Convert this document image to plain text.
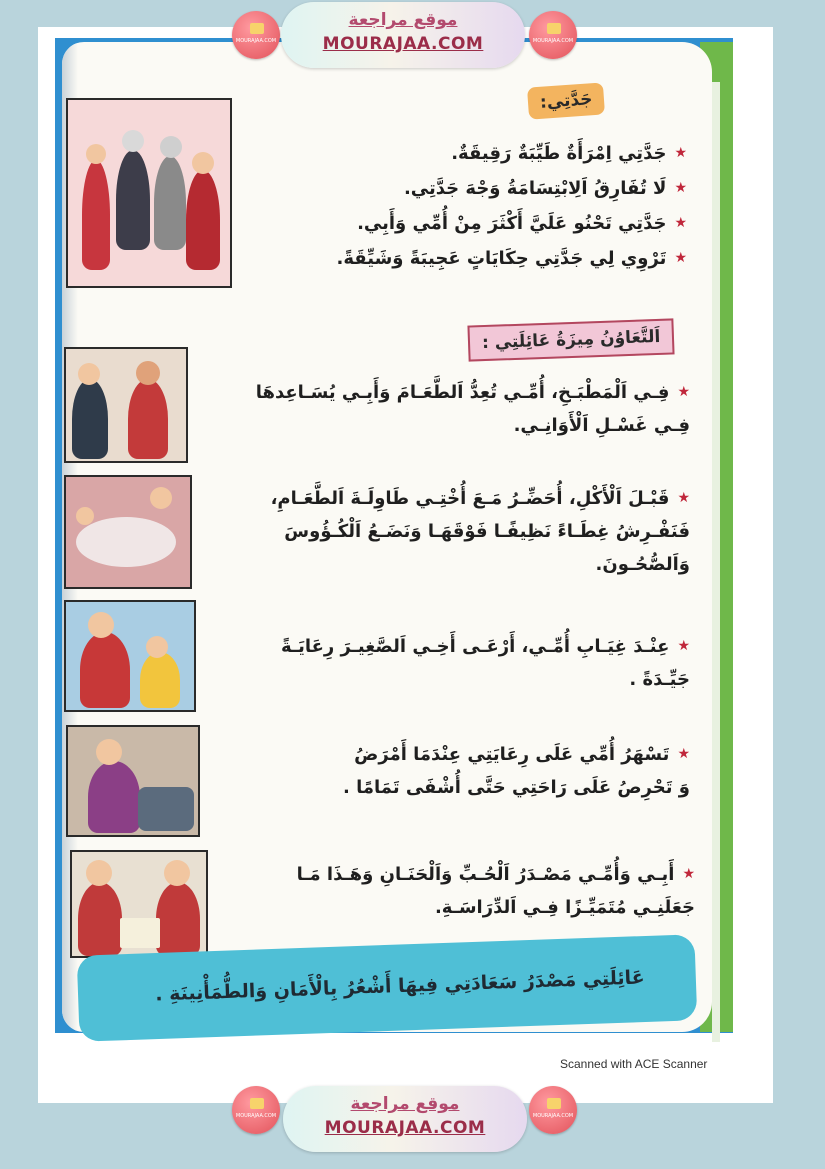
MOURAJAA.COM
موقع مراجعة
MOURAJAA.COM	MOURAJAA.COM
جَدَّتِي:
★جَدَّتِي اِمْرَأَةٌ طَيِّبَةٌ رَقِيقَةٌ.
★لَا تُفَارِقُ اَلِابْتِسَامَةُ وَجْهَ جَدَّتِي.
★جَدَّتِي تَحْنُو عَلَيَّ أَكْثَرَ مِنْ أُمِّي وَأَبِي.
★تَرْوِي لِي جَدَّتِي حِكَايَاتٍ عَجِيبَةً وَشَيِّقَةً.
اَلتَّعَاوُنُ مِيزَةُ عَائِلَتِي :
★فِـي اَلْمَطْبَـخِ، أُمِّـي تُعِدُّ اَلطَّعَـامَ وَأَبِـي يُسَـاعِدهَا
فِـي غَسْـلِ اَلْأَوَانِـي.
★قَبْـلَ اَلْأَكْلِ، أُحَضِّـرُ مَـعَ أُخْتِـي طَاوِلَـةَ اَلطَّعَـامِ،
فَنَفْـرِشُ غِطَـاءً نَظِيفًـا فَوْقَهَـا وَنَضَـعُ اَلْكُـؤُوسَ
وَاَلصُّحُـونَ.
★عِنْـدَ غِيَـابِ أُمِّـي، أَرْعَـى أَخِـي اَلصَّغِيـرَ رِعَايَـةً
جَيِّـدَةً .
★تَسْهَرُ أُمِّي عَلَى رِعَايَتِي عِنْدَمَا أَمْرَضُ
وَ تَحْرِصُ عَلَى رَاحَتِي حَتَّى أُشْفَى تَمَامًا .
★أَبِـي وَأُمِّـي مَصْـدَرُ اَلْحُـبِّ وَاَلْحَنَـانِ وَهَـذَا مَـا
جَعَلَنِـي مُتَمَيِّـزًا فِـي اَلدِّرَاسَـةِ.
عَائِلَتِي مَصْدَرُ سَعَادَتِي فِيهَا أَشْعُرُ بِالْأَمَانِ وَالطُّمَأْنِينَةِ .
Scanned with ACE Scanner
MOURAJAA.COM
موقع مراجعة
MOURAJAA.COM
MOURAJAA.COM
